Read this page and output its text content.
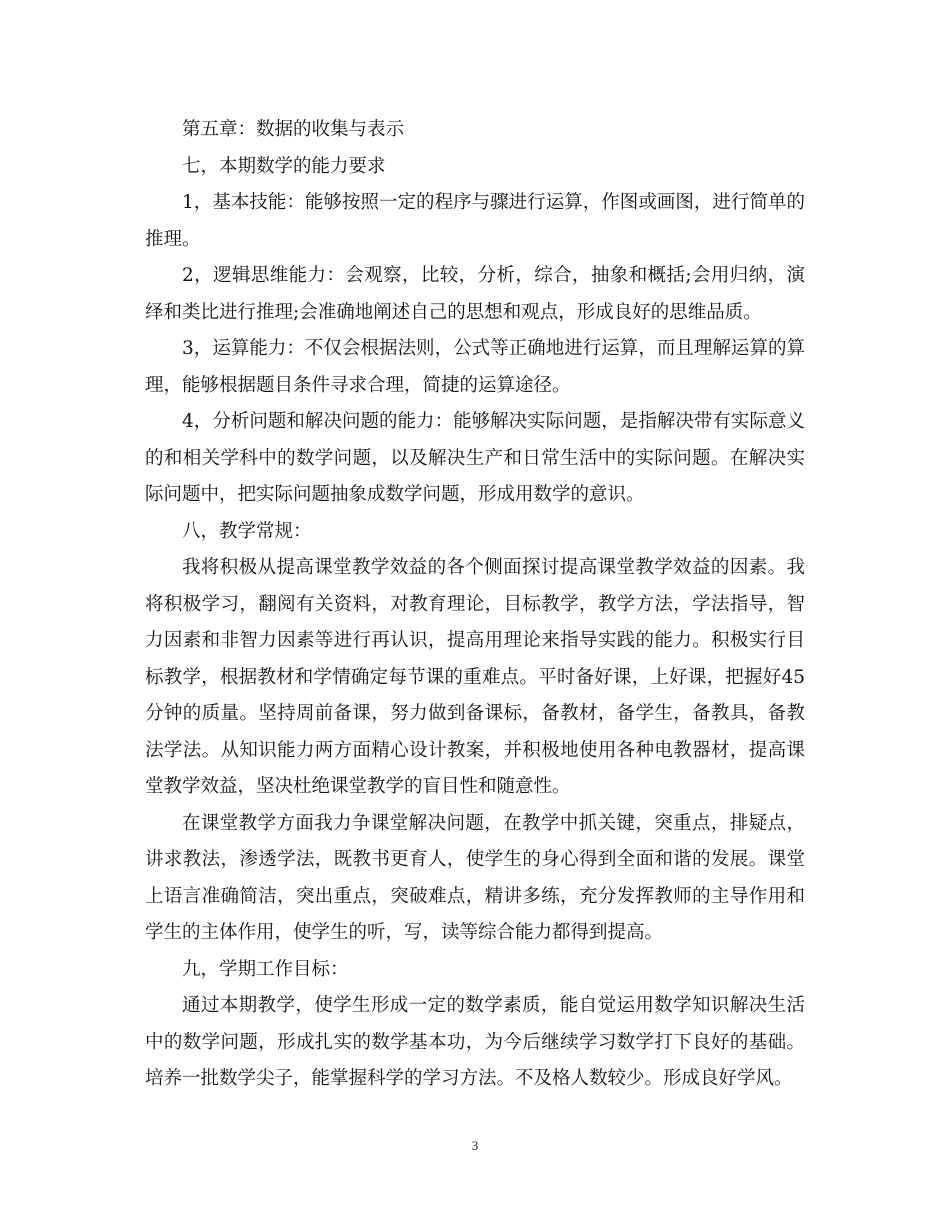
第五章：数据的收集与表示

七，本期数学的能力要求

1，基本技能：能够按照一定的程序与骤进行运算，作图或画图，进行简单的推理。

2，逻辑思维能力：会观察，比较，分析，综合，抽象和概括;会用归纳，演绎和类比进行推理;会准确地阐述自己的思想和观点，形成良好的思维品质。

3，运算能力：不仅会根据法则，公式等正确地进行运算，而且理解运算的算理，能够根据题目条件寻求合理，简捷的运算途径。

4，分析问题和解决问题的能力：能够解决实际问题，是指解决带有实际意义的和相关学科中的数学问题，以及解决生产和日常生活中的实际问题。在解决实际问题中，把实际问题抽象成数学问题，形成用数学的意识。

八，教学常规：

我将积极从提高课堂教学效益的各个侧面探讨提高课堂教学效益的因素。我将积极学习，翻阅有关资料，对教育理论，目标教学，教学方法，学法指导，智力因素和非智力因素等进行再认识，提高用理论来指导实践的能力。积极实行目标教学，根据教材和学情确定每节课的重难点。平时备好课，上好课，把握好45分钟的质量。坚持周前备课，努力做到备课标，备教材，备学生，备教具，备教法学法。从知识能力两方面精心设计教案，并积极地使用各种电教器材，提高课堂教学效益，坚决杜绝课堂教学的盲目性和随意性。

在课堂教学方面我力争课堂解决问题，在教学中抓关键，突重点，排疑点，讲求教法，渗透学法，既教书更育人，使学生的身心得到全面和谐的发展。课堂上语言准确简洁，突出重点，突破难点，精讲多练，充分发挥教师的主导作用和学生的主体作用，使学生的听，写，读等综合能力都得到提高。

九，学期工作目标：

通过本期教学，使学生形成一定的数学素质，能自觉运用数学知识解决生活中的数学问题，形成扎实的数学基本功，为今后继续学习数学打下良好的基础。培养一批数学尖子，能掌握科学的学习方法。不及格人数较少。形成良好学风。

3
